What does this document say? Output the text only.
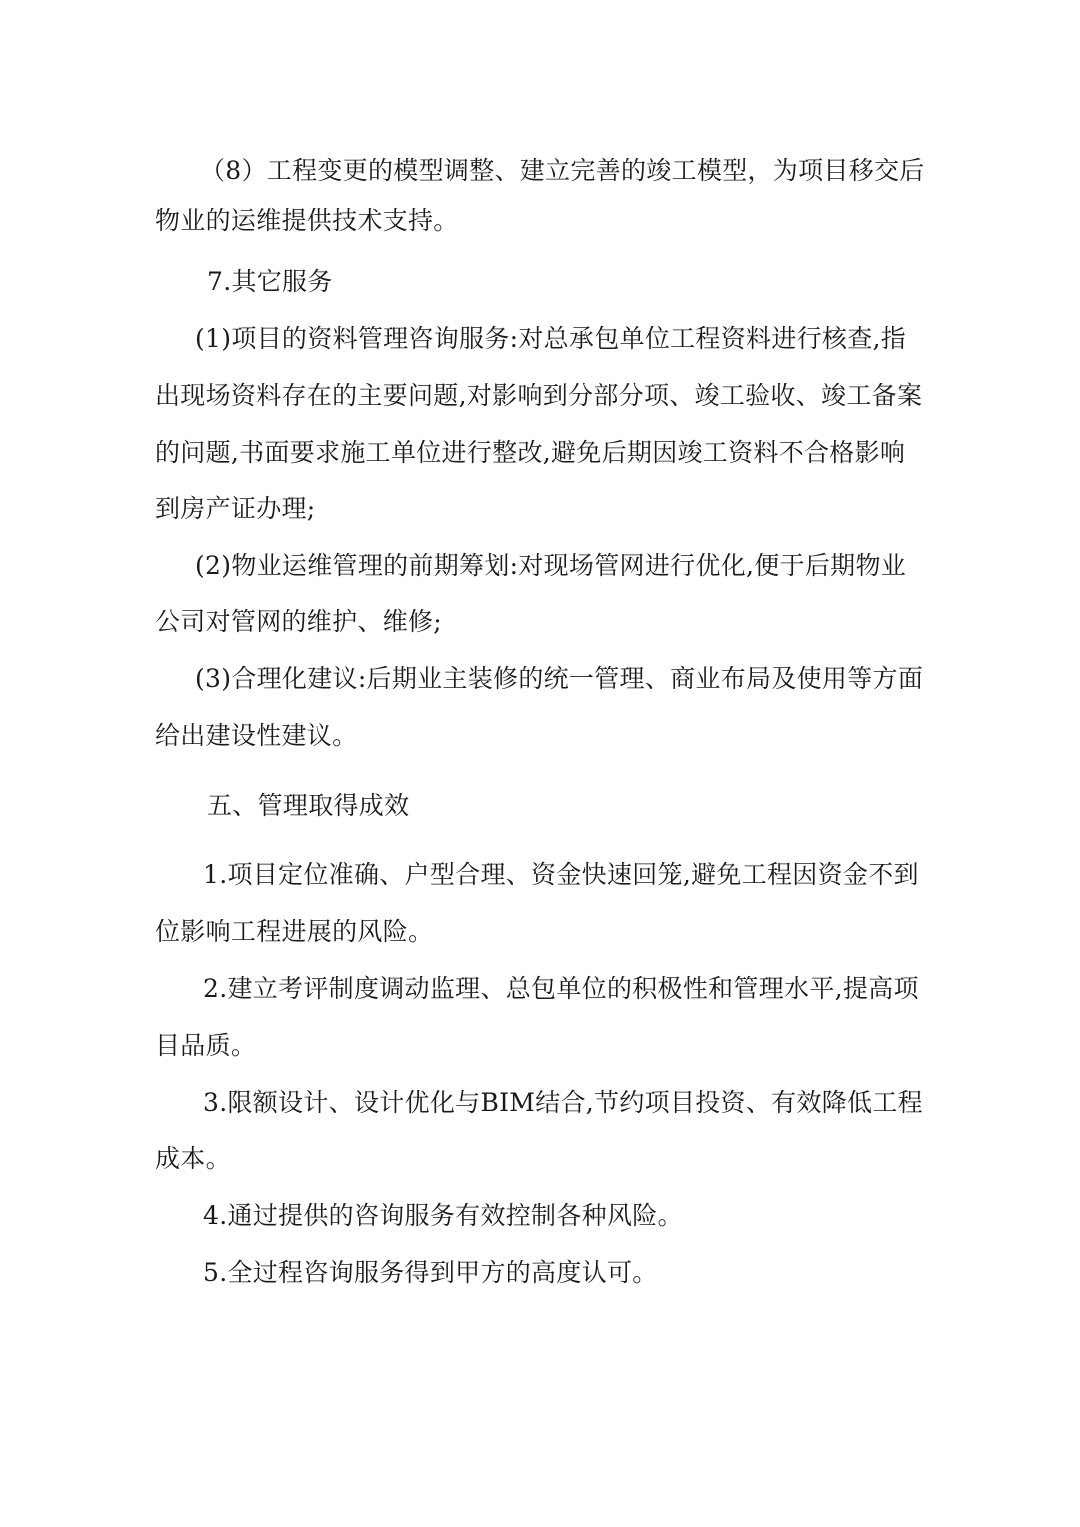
（8）工程变更的模型调整、建立完善的竣工模型，为项目移交后
物业的运维提供技术支持。
7.其它服务
(1)项目的资料管理咨询服务:对总承包单位工程资料进行核查,指
出现场资料存在的主要问题,对影响到分部分项、竣工验收、竣工备案
的问题,书面要求施工单位进行整改,避免后期因竣工资料不合格影响
到房产证办理;
(2)物业运维管理的前期筹划:对现场管网进行优化,便于后期物业
公司对管网的维护、维修;
(3)合理化建议:后期业主装修的统一管理、商业布局及使用等方面
给出建设性建议。
五、管理取得成效
1.项目定位准确、户型合理、资金快速回笼,避免工程因资金不到
位影响工程进展的风险。
2.建立考评制度调动监理、总包单位的积极性和管理水平,提高项
目品质。
3.限额设计、设计优化与BIM结合,节约项目投资、有效降低工程
成本。
4.通过提供的咨询服务有效控制各种风险。
5.全过程咨询服务得到甲方的高度认可。
